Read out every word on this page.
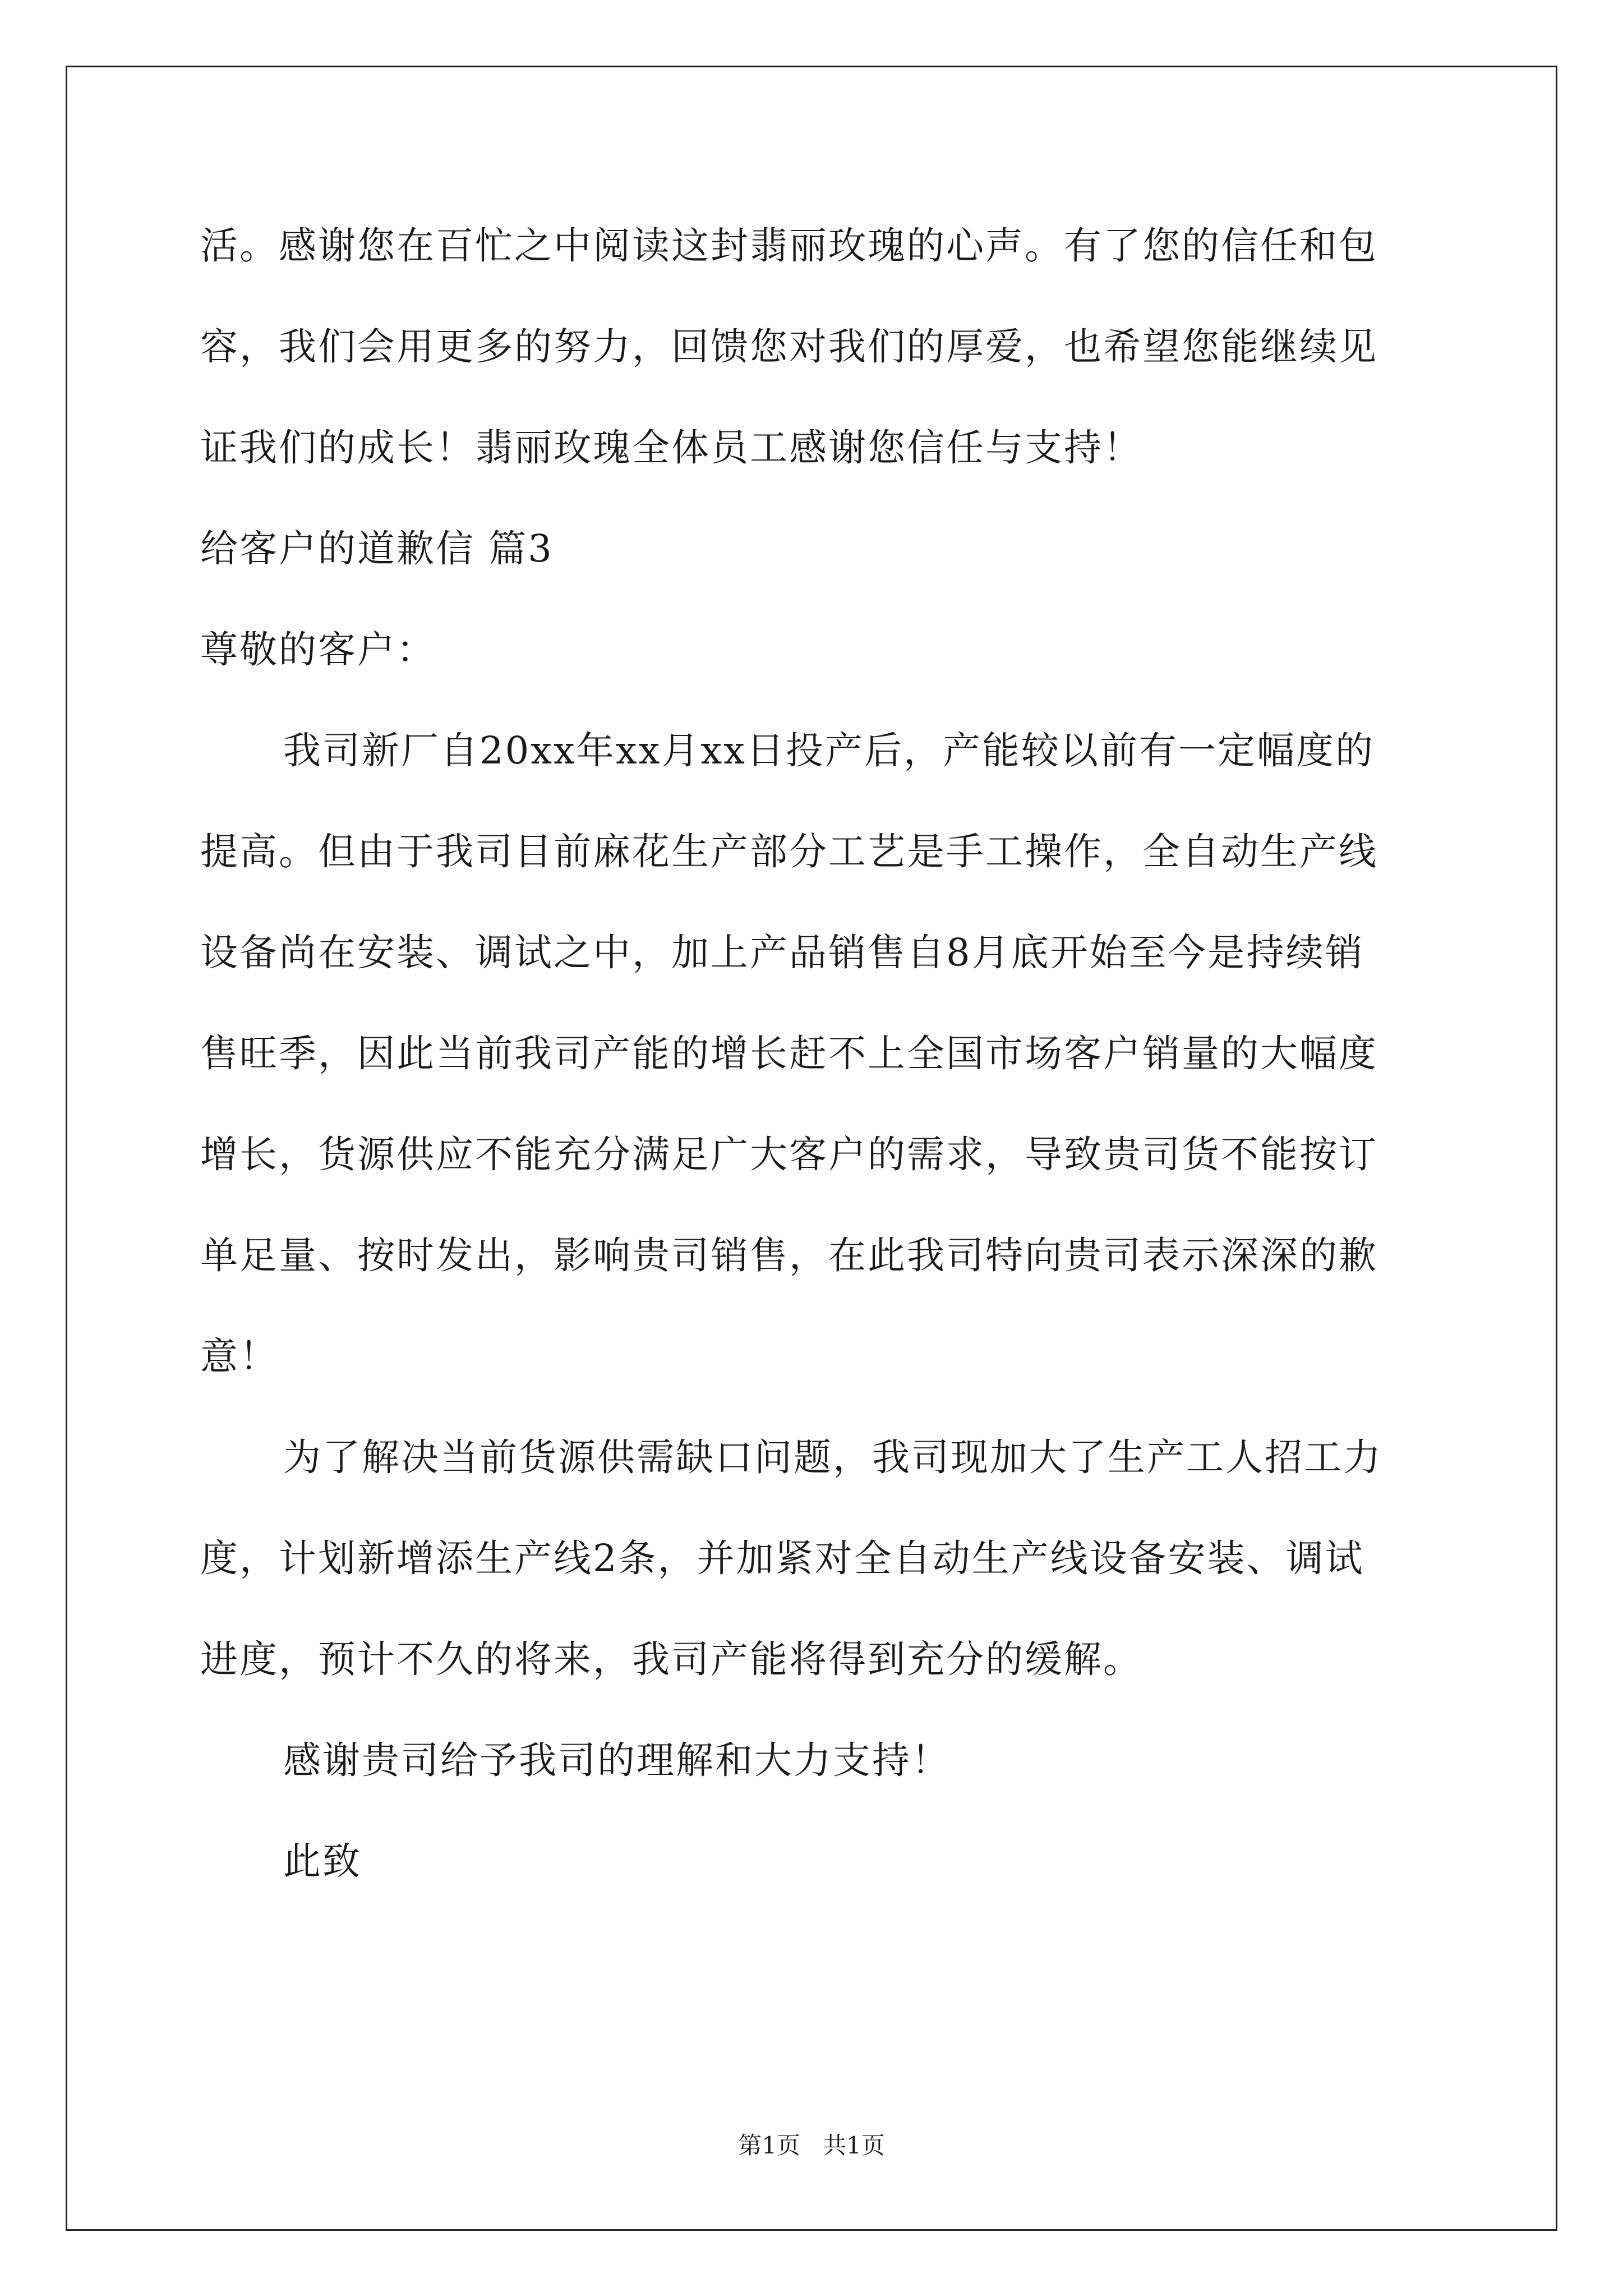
活。感谢您在百忙之中阅读这封翡丽玫瑰的心声。有了您的信任和包
容，我们会用更多的努力，回馈您对我们的厚爱，也希望您能继续见
证我们的成长！翡丽玫瑰全体员工感谢您信任与支持！
给客户的道歉信 篇3
尊敬的客户：
我司新厂自20xx年xx月xx日投产后，产能较以前有一定幅度的
提高。但由于我司目前麻花生产部分工艺是手工操作，全自动生产线
设备尚在安装、调试之中，加上产品销售自8月底开始至今是持续销
售旺季，因此当前我司产能的增长赶不上全国市场客户销量的大幅度
增长，货源供应不能充分满足广大客户的需求，导致贵司货不能按订
单足量、按时发出，影响贵司销售，在此我司特向贵司表示深深的歉
意！
为了解决当前货源供需缺口问题，我司现加大了生产工人招工力
度，计划新增添生产线2条，并加紧对全自动生产线设备安装、调试
进度，预计不久的将来，我司产能将得到充分的缓解。
感谢贵司给予我司的理解和大力支持！
此致
第1页   共1页
